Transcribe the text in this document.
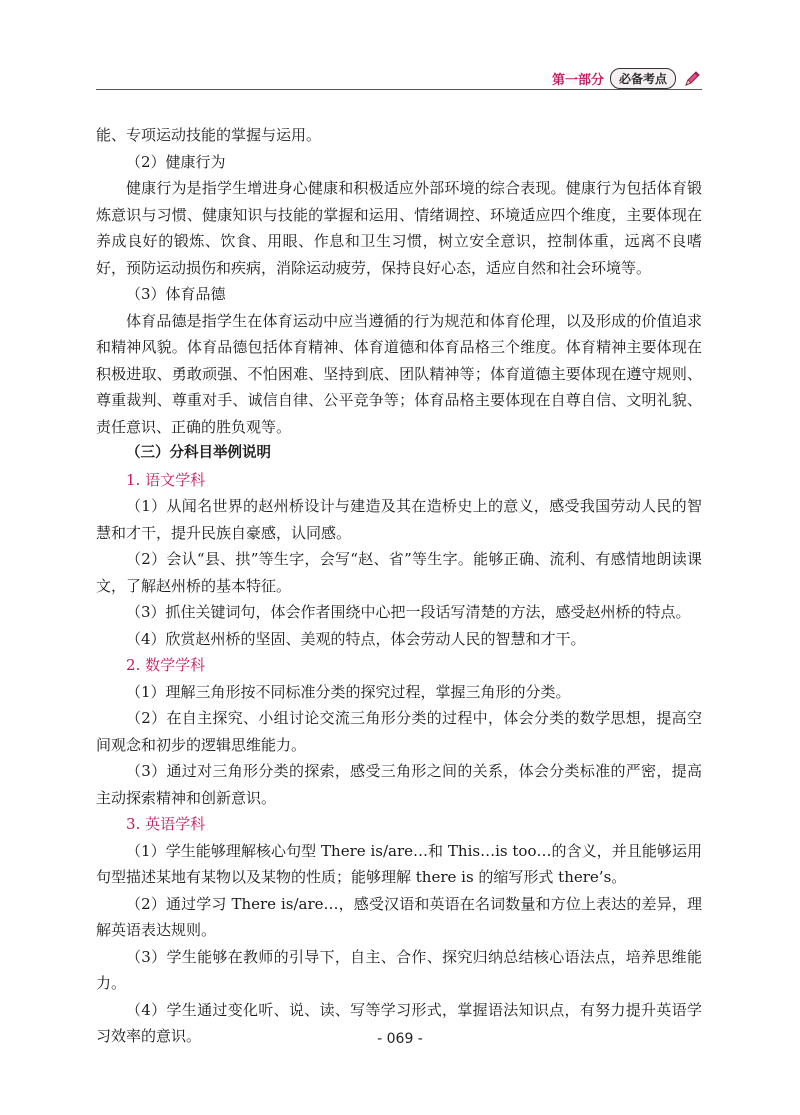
第一部分	必备考点

能、专项运动技能的掌握与运用。

（2）健康行为

健康行为是指学生增进身心健康和积极适应外部环境的综合表现。健康行为包括体育锻炼意识与习惯、健康知识与技能的掌握和运用、情绪调控、环境适应四个维度，主要体现在养成良好的锻炼、饮食、用眼、作息和卫生习惯，树立安全意识，控制体重，远离不良嗜好，预防运动损伤和疾病，消除运动疲劳，保持良好心态，适应自然和社会环境等。

（3）体育品德

体育品德是指学生在体育运动中应当遵循的行为规范和体育伦理，以及形成的价值追求和精神风貌。体育品德包括体育精神、体育道德和体育品格三个维度。体育精神主要体现在积极进取、勇敢顽强、不怕困难、坚持到底、团队精神等；体育道德主要体现在遵守规则、尊重裁判、尊重对手、诚信自律、公平竞争等；体育品格主要体现在自尊自信、文明礼貌、责任意识、正确的胜负观等。

（三）分科目举例说明

1. 语文学科

（1）从闻名世界的赵州桥设计与建造及其在造桥史上的意义，感受我国劳动人民的智慧和才干，提升民族自豪感，认同感。

（2）会认“县、拱”等生字，会写“赵、省”等生字。能够正确、流利、有感情地朗读课文，了解赵州桥的基本特征。

（3）抓住关键词句，体会作者围绕中心把一段话写清楚的方法，感受赵州桥的特点。

（4）欣赏赵州桥的坚固、美观的特点，体会劳动人民的智慧和才干。

2. 数学学科

（1）理解三角形按不同标准分类的探究过程，掌握三角形的分类。

（2）在自主探究、小组讨论交流三角形分类的过程中，体会分类的数学思想，提高空间观念和初步的逻辑思维能力。

（3）通过对三角形分类的探索，感受三角形之间的关系，体会分类标准的严密，提高主动探索精神和创新意识。

3. 英语学科

（1）学生能够理解核心句型 There is/are…和 This…is too…的含义，并且能够运用句型描述某地有某物以及某物的性质；能够理解 there is 的缩写形式 there’s。

（2）通过学习 There is/are…，感受汉语和英语在名词数量和方位上表达的差异，理解英语表达规则。

（3）学生能够在教师的引导下，自主、合作、探究归纳总结核心语法点，培养思维能力。

（4）学生通过变化听、说、读、写等学习形式，掌握语法知识点，有努力提升英语学习效率的意识。	- 069 -
